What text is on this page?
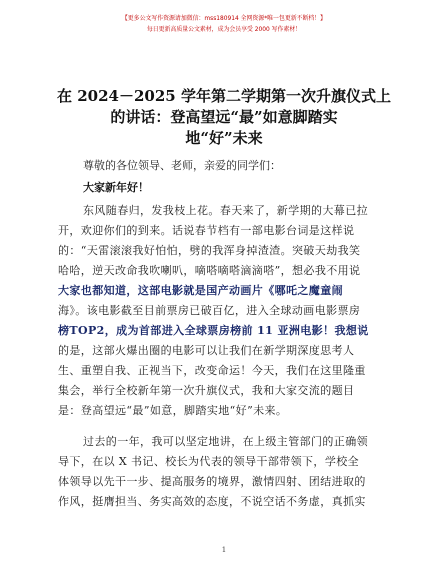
【更多公文写作资源请加微信：mss180914 全网资源*唯一包更新不断档！】
每日更新高质量公文素材，成为会员享受 2000 写作素材！
在 2024－2025 学年第二学期第一次升旗仪式上
的讲话：登高望远“最”如意脚踏实
地“好”未来
尊敬的各位领导、老师，亲爱的同学们：
大家新年好！
东风随春归，发我枝上花。春天来了，新学期的大幕已拉
开，欢迎你们的到来。话说春节档有一部电影台词是这样说
的：“天雷滚滚我好怕怕，劈的我浑身掉渣渣。突破天劫我笑
哈哈，逆天改命我吹喇叭，嘀嗒嘀嗒滴滴嗒”，想必我不用说
大家也都知道，这部电影就是国产动画片《哪吒之魔童闹
海》。该电影截至目前票房已破百亿，进入全球动画电影票房
榜TOP2，成为首部进入全球票房榜前 11 亚洲电影！我想说
的是，这部火爆出圈的电影可以让我们在新学期深度思考人
生、重塑自我、正视当下，改变命运！今天，我们在这里隆重
集会，举行全校新年第一次升旗仪式，我和大家交流的题目
是：登高望远“最”如意，脚踏实地“好”未来。
过去的一年，我可以坚定地讲，在上级主管部门的正确领
导下，在以 X 书记、校长为代表的领导干部带领下，学校全
体领导以先干一步、提高服务的境界，激情四射、团结进取的
作风，挺膺担当、务实高效的态度，不说空话不务虚，真抓实
1
